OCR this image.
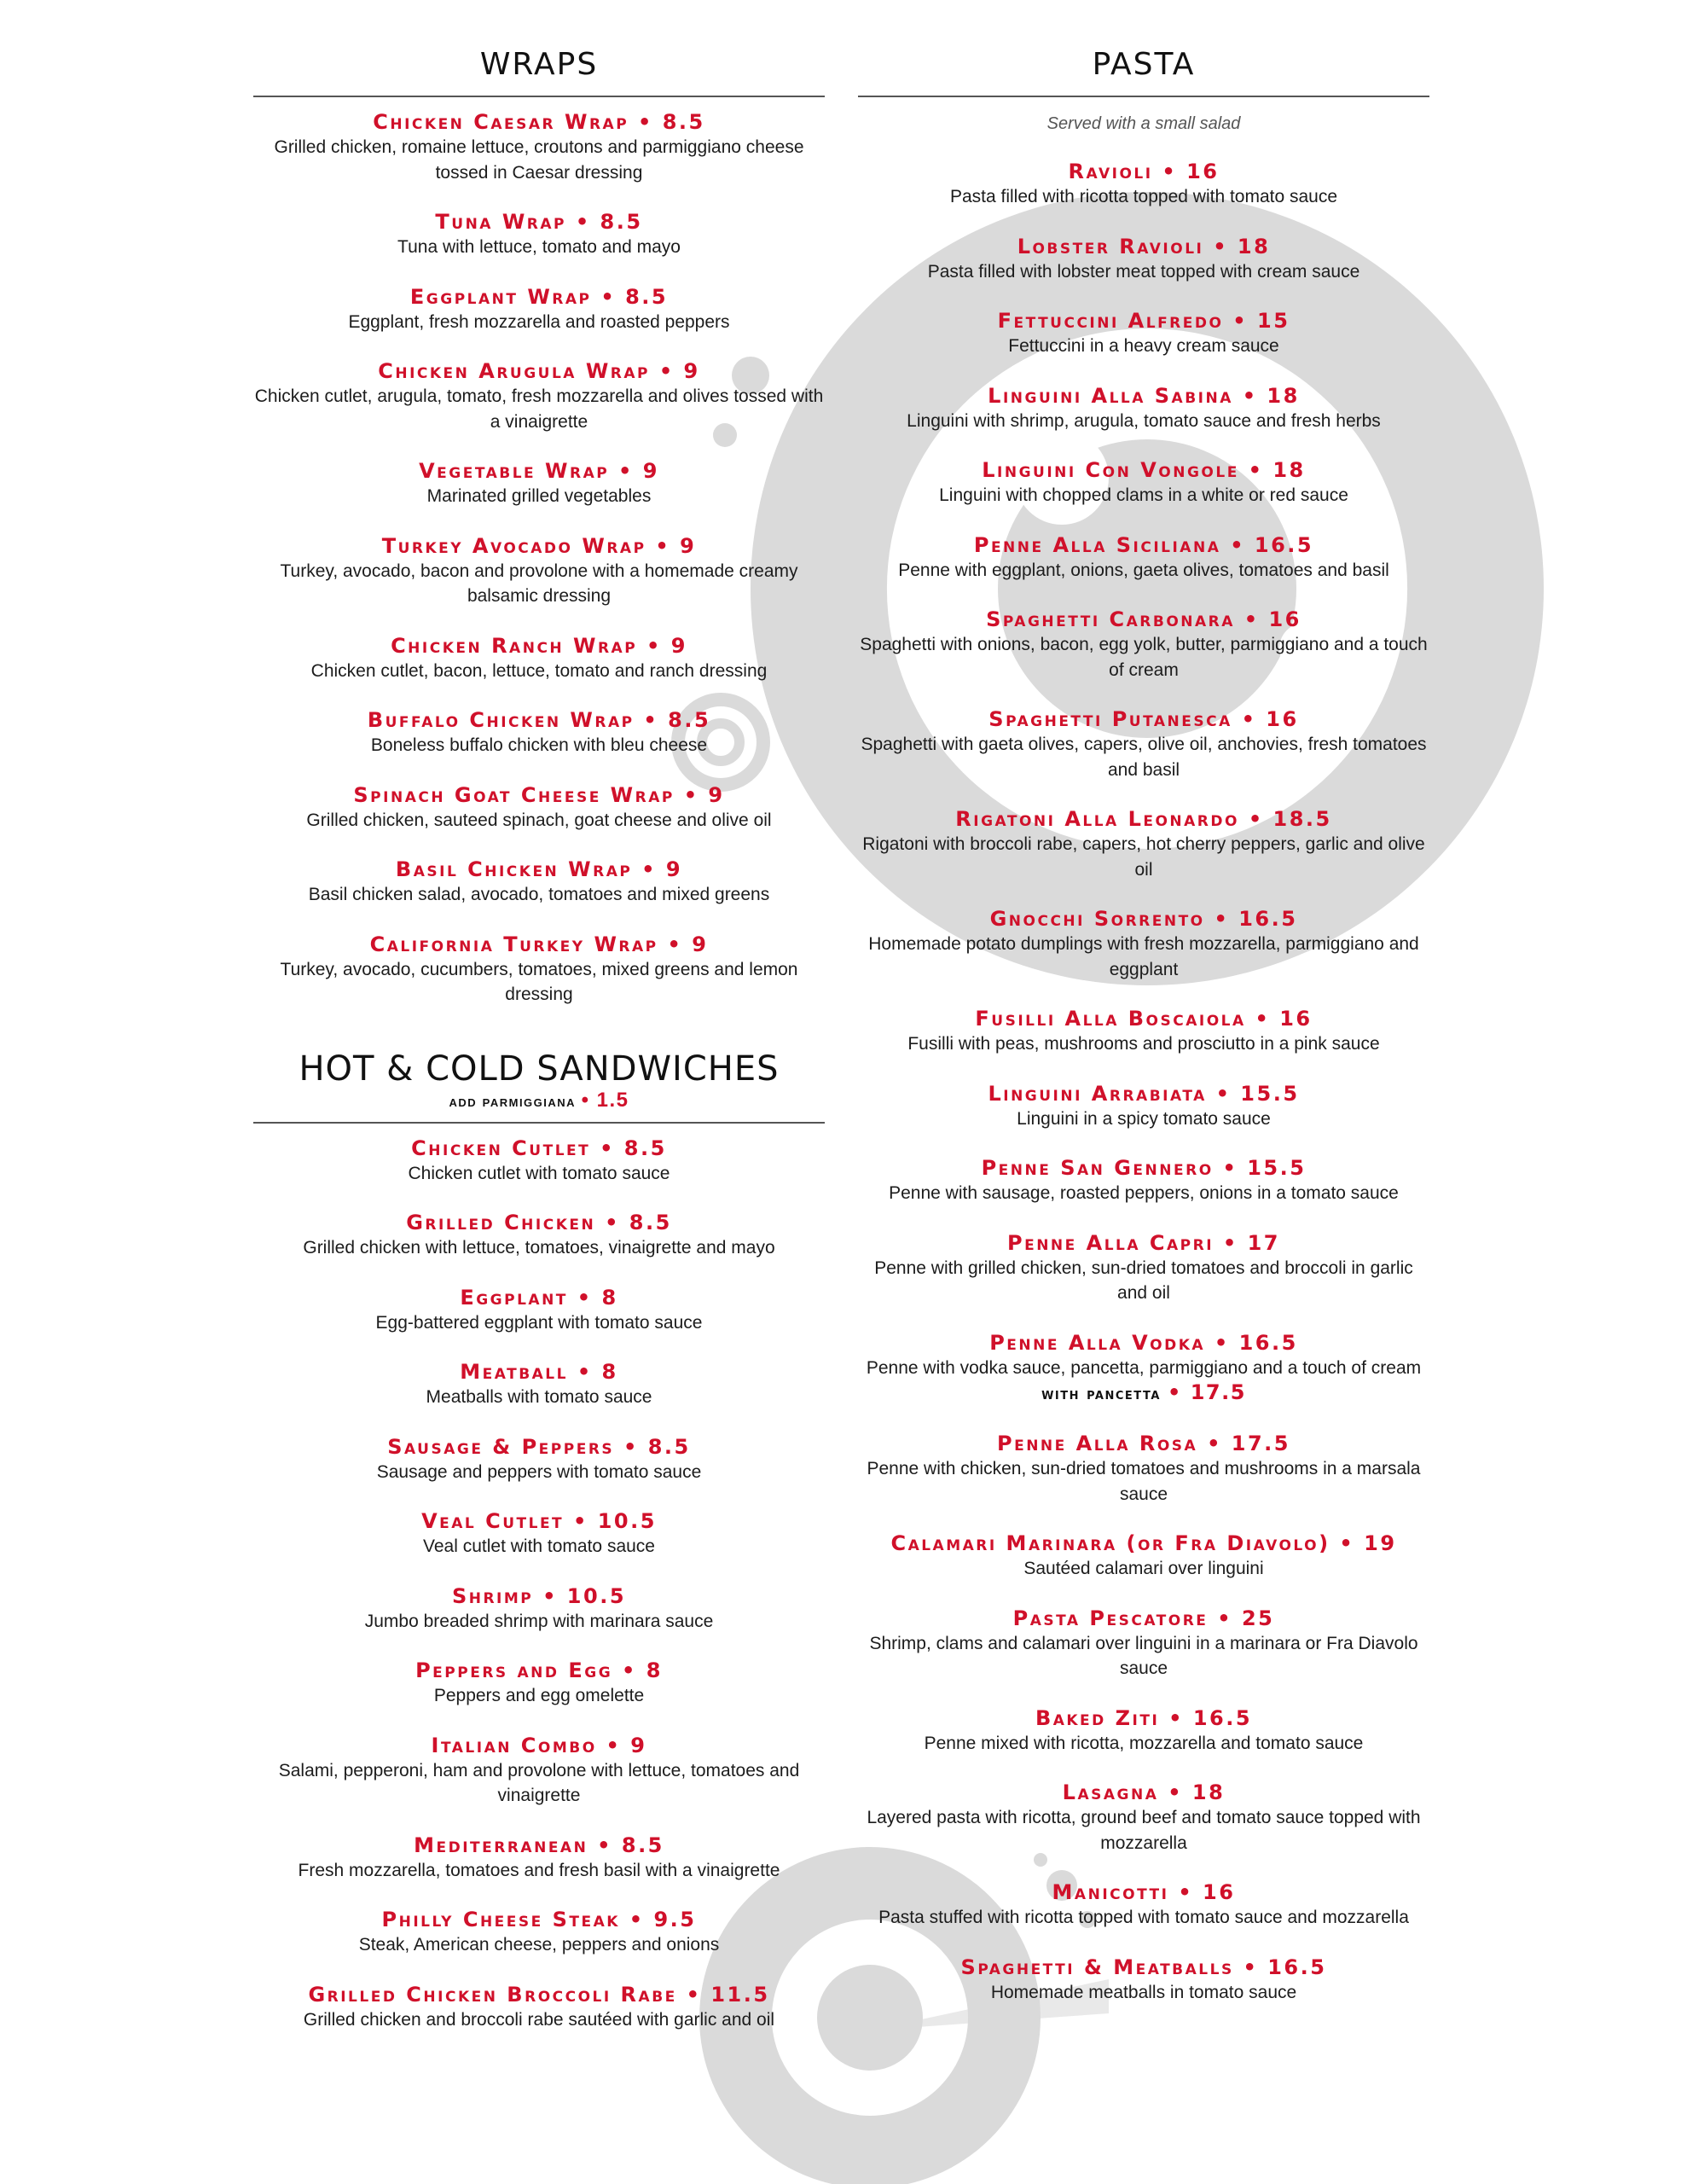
WRAPS
Chicken Caesar Wrap • 8.5
Grilled chicken, romaine lettuce, croutons and parmiggiano cheese tossed in Caesar dressing
Tuna Wrap • 8.5
Tuna with lettuce, tomato and mayo
Eggplant Wrap • 8.5
Eggplant, fresh mozzarella and roasted peppers
Chicken Arugula Wrap • 9
Chicken cutlet, arugula, tomato, fresh mozzarella and olives tossed with a vinaigrette
Vegetable Wrap • 9
Marinated grilled vegetables
Turkey Avocado Wrap • 9
Turkey, avocado, bacon and provolone with a homemade creamy balsamic dressing
Chicken Ranch Wrap • 9
Chicken cutlet, bacon, lettuce, tomato and ranch dressing
Buffalo Chicken Wrap • 8.5
Boneless buffalo chicken with bleu cheese
Spinach Goat Cheese Wrap • 9
Grilled chicken, sauteed spinach, goat cheese and olive oil
Basil Chicken Wrap • 9
Basil chicken salad, avocado, tomatoes and mixed greens
California Turkey Wrap • 9
Turkey, avocado, cucumbers, tomatoes, mixed greens and lemon dressing
HOT & COLD SANDWICHES
add parmiggiana • 1.5
Chicken Cutlet • 8.5
Chicken cutlet with tomato sauce
Grilled Chicken • 8.5
Grilled chicken with lettuce, tomatoes, vinaigrette and mayo
Eggplant • 8
Egg-battered eggplant with tomato sauce
Meatball • 8
Meatballs with tomato sauce
Sausage & Peppers • 8.5
Sausage and peppers with tomato sauce
Veal Cutlet • 10.5
Veal cutlet with tomato sauce
Shrimp • 10.5
Jumbo breaded shrimp with marinara sauce
Peppers and Egg • 8
Peppers and egg omelette
Italian Combo • 9
Salami, pepperoni, ham and provolone with lettuce, tomatoes and vinaigrette
Mediterranean • 8.5
Fresh mozzarella, tomatoes and fresh basil with a vinaigrette
Philly Cheese Steak • 9.5
Steak, American cheese, peppers and onions
Grilled Chicken Broccoli Rabe • 11.5
Grilled chicken and broccoli rabe sautéed with garlic and oil
PASTA
Served with a small salad
Ravioli • 16
Pasta filled with ricotta topped with tomato sauce
Lobster Ravioli • 18
Pasta filled with lobster meat topped with cream sauce
Fettuccini Alfredo • 15
Fettuccini in a heavy cream sauce
Linguini Alla Sabina • 18
Linguini with shrimp, arugula, tomato sauce and fresh herbs
Linguini Con Vongole • 18
Linguini with chopped clams in a white or red sauce
Penne Alla Siciliana • 16.5
Penne with eggplant, onions, gaeta olives, tomatoes and basil
Spaghetti Carbonara • 16
Spaghetti with onions, bacon, egg yolk, butter, parmiggiano and a touch of cream
Spaghetti Putanesca • 16
Spaghetti with gaeta olives, capers, olive oil, anchovies, fresh tomatoes and basil
Rigatoni Alla Leonardo • 18.5
Rigatoni with broccoli rabe, capers, hot cherry peppers, garlic and olive oil
Gnocchi Sorrento • 16.5
Homemade potato dumplings with fresh mozzarella, parmiggiano and eggplant
Fusilli Alla Boscaiola • 16
Fusilli with peas, mushrooms and prosciutto in a pink sauce
Linguini Arrabiata • 15.5
Linguini in a spicy tomato sauce
Penne San Gennero • 15.5
Penne with sausage, roasted peppers, onions in a tomato sauce
Penne Alla Capri • 17
Penne with grilled chicken, sun-dried tomatoes and broccoli in garlic and oil
Penne Alla Vodka • 16.5
Penne with vodka sauce, pancetta, parmiggiano and a touch of cream
with pancetta • 17.5
Penne Alla Rosa • 17.5
Penne with chicken, sun-dried tomatoes and mushrooms in a marsala sauce
Calamari Marinara (or Fra Diavolo) • 19
Sautéed calamari over linguini
Pasta Pescatore • 25
Shrimp, clams and calamari over linguini in a marinara or Fra Diavolo sauce
Baked Ziti • 16.5
Penne mixed with ricotta, mozzarella and tomato sauce
Lasagna • 18
Layered pasta with ricotta, ground beef and tomato sauce topped with mozzarella
Manicotti • 16
Pasta stuffed with ricotta topped with tomato sauce and mozzarella
Spaghetti & Meatballs • 16.5
Homemade meatballs in tomato sauce
